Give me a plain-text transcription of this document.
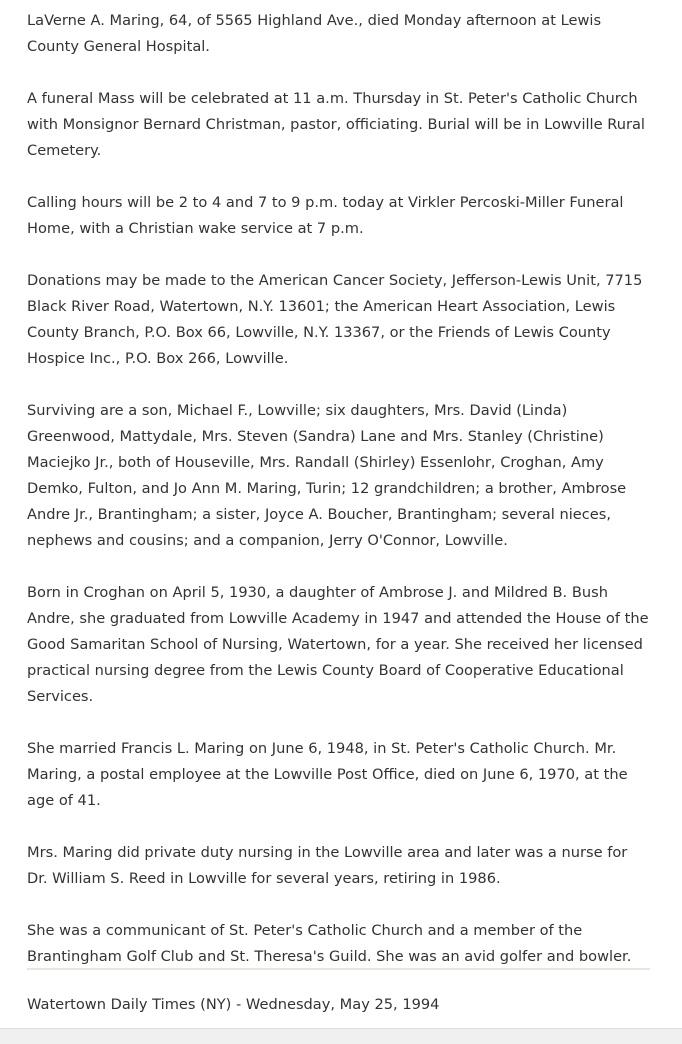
LaVerne A. Maring, 64, of 5565 Highland Ave., died Monday afternoon at Lewis County General Hospital.

A funeral Mass will be celebrated at 11 a.m. Thursday in St. Peter's Catholic Church with Monsignor Bernard Christman, pastor, officiating. Burial will be in Lowville Rural Cemetery.

Calling hours will be 2 to 4 and 7 to 9 p.m. today at Virkler Percoski-Miller Funeral Home, with a Christian wake service at 7 p.m.

Donations may be made to the American Cancer Society, Jefferson-Lewis Unit, 7715 Black River Road, Watertown, N.Y. 13601; the American Heart Association, Lewis County Branch, P.O. Box 66, Lowville, N.Y. 13367, or the Friends of Lewis County Hospice Inc., P.O. Box 266, Lowville.

Surviving are a son, Michael F., Lowville; six daughters, Mrs. David (Linda) Greenwood, Mattydale, Mrs. Steven (Sandra) Lane and Mrs. Stanley (Christine) Maciejko Jr., both of Houseville, Mrs. Randall (Shirley) Essenlohr, Croghan, Amy Demko, Fulton, and Jo Ann M. Maring, Turin; 12 grandchildren; a brother, Ambrose Andre Jr., Brantingham; a sister, Joyce A. Boucher, Brantingham; several nieces, nephews and cousins; and a companion, Jerry O'Connor, Lowville.

Born in Croghan on April 5, 1930, a daughter of Ambrose J. and Mildred B. Bush Andre, she graduated from Lowville Academy in 1947 and attended the House of the Good Samaritan School of Nursing, Watertown, for a year. She received her licensed practical nursing degree from the Lewis County Board of Cooperative Educational Services.

She married Francis L. Maring on June 6, 1948, in St. Peter's Catholic Church. Mr. Maring, a postal employee at the Lowville Post Office, died on June 6, 1970, at the age of 41.

Mrs. Maring did private duty nursing in the Lowville area and later was a nurse for Dr. William S. Reed in Lowville for several years, retiring in 1986.

She was a communicant of St. Peter's Catholic Church and a member of the Brantingham Golf Club and St. Theresa's Guild. She was an avid golfer and bowler.

Watertown Daily Times (NY) - Wednesday, May 25, 1994
